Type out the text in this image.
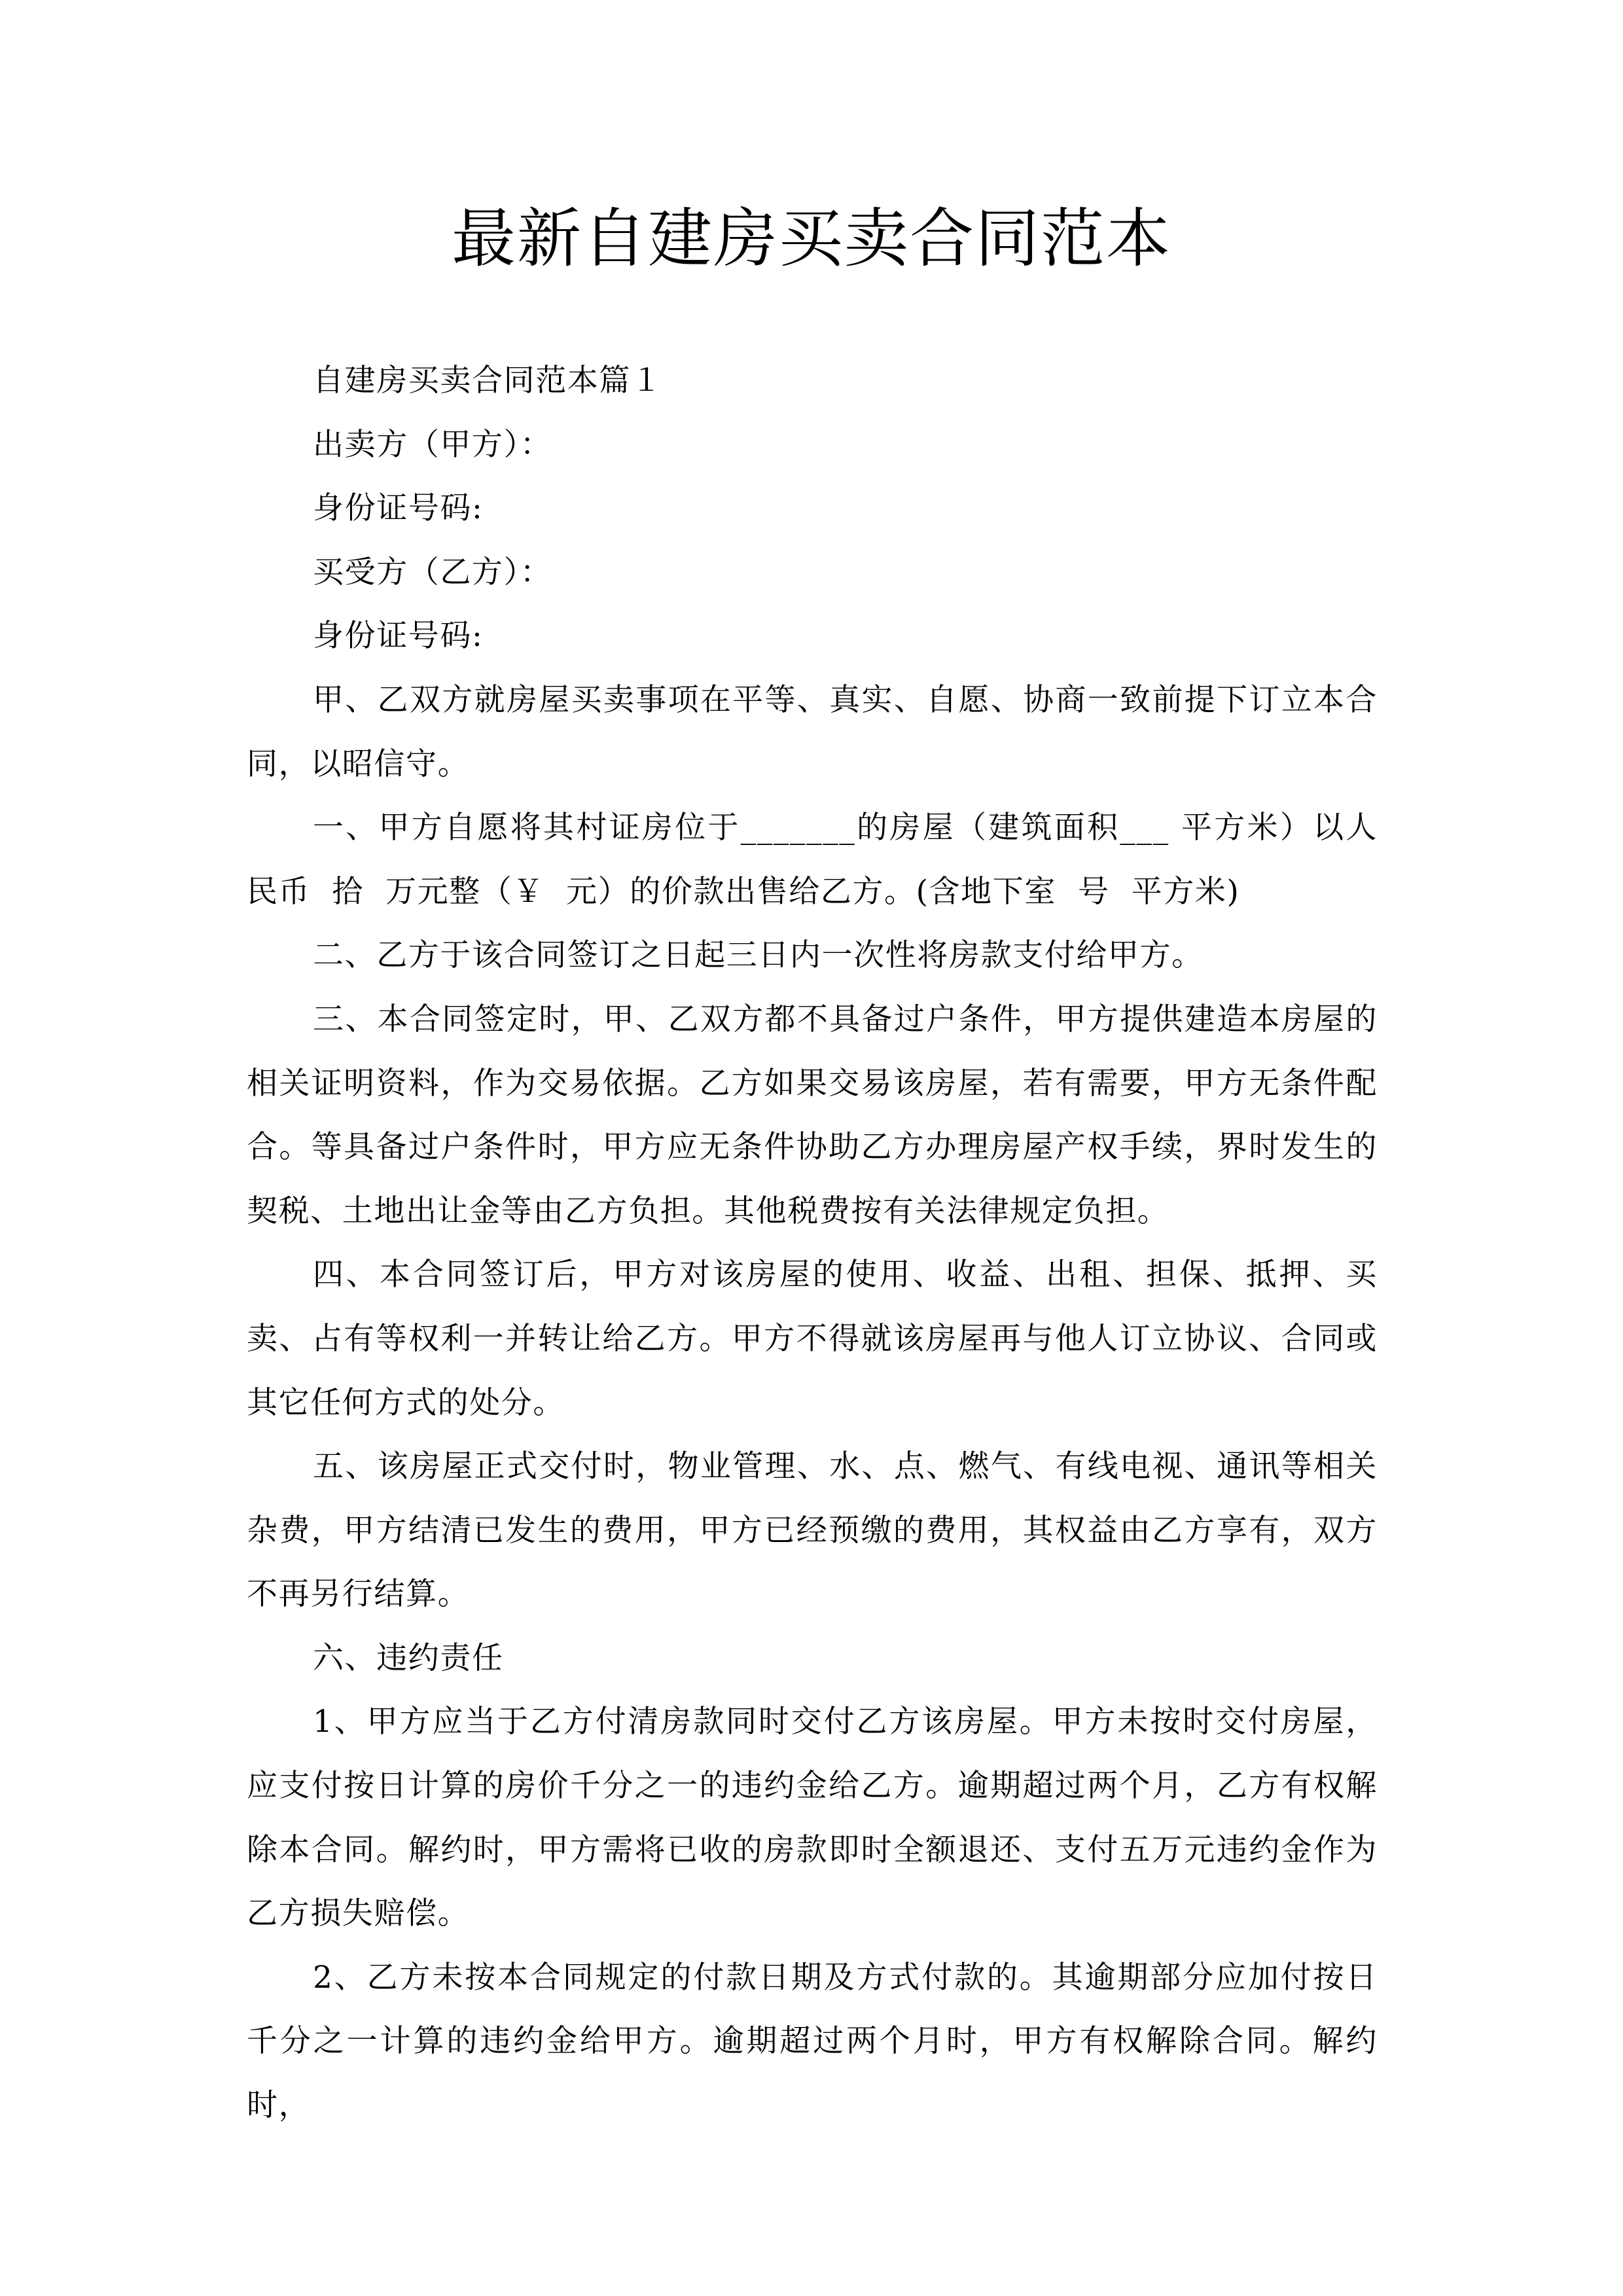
最新自建房买卖合同范本

自建房买卖合同范本篇１

出卖方（甲方）：

身份证号码:

买受方（乙方）：

身份证号码:

甲、乙双方就房屋买卖事项在平等、真实、自愿、协商一致前提下订立本合同，以昭信守。

一、甲方自愿将其村证房位于_______的房屋（建筑面积___ 平方米）以人民币  拾  万元整（￥  元）的价款出售给乙方。(含地下室  号  平方米)

二、乙方于该合同签订之日起三日内一次性将房款支付给甲方。

三、本合同签定时，甲、乙双方都不具备过户条件，甲方提供建造本房屋的相关证明资料，作为交易依据。乙方如果交易该房屋，若有需要，甲方无条件配合。等具备过户条件时，甲方应无条件协助乙方办理房屋产权手续，界时发生的契税、土地出让金等由乙方负担。其他税费按有关法律规定负担。

四、本合同签订后，甲方对该房屋的使用、收益、出租、担保、抵押、买卖、占有等权利一并转让给乙方。甲方不得就该房屋再与他人订立协议、合同或其它任何方式的处分。

五、该房屋正式交付时，物业管理、水、点、燃气、有线电视、通讯等相关杂费，甲方结清已发生的费用，甲方已经预缴的费用，其权益由乙方享有，双方不再另行结算。

六、违约责任

1、甲方应当于乙方付清房款同时交付乙方该房屋。甲方未按时交付房屋，应支付按日计算的房价千分之一的违约金给乙方。逾期超过两个月，乙方有权解除本合同。解约时，甲方需将已收的房款即时全额退还、支付五万元违约金作为乙方损失赔偿。

2、乙方未按本合同规定的付款日期及方式付款的。其逾期部分应加付按日千分之一计算的违约金给甲方。逾期超过两个月时，甲方有权解除合同。解约时，
